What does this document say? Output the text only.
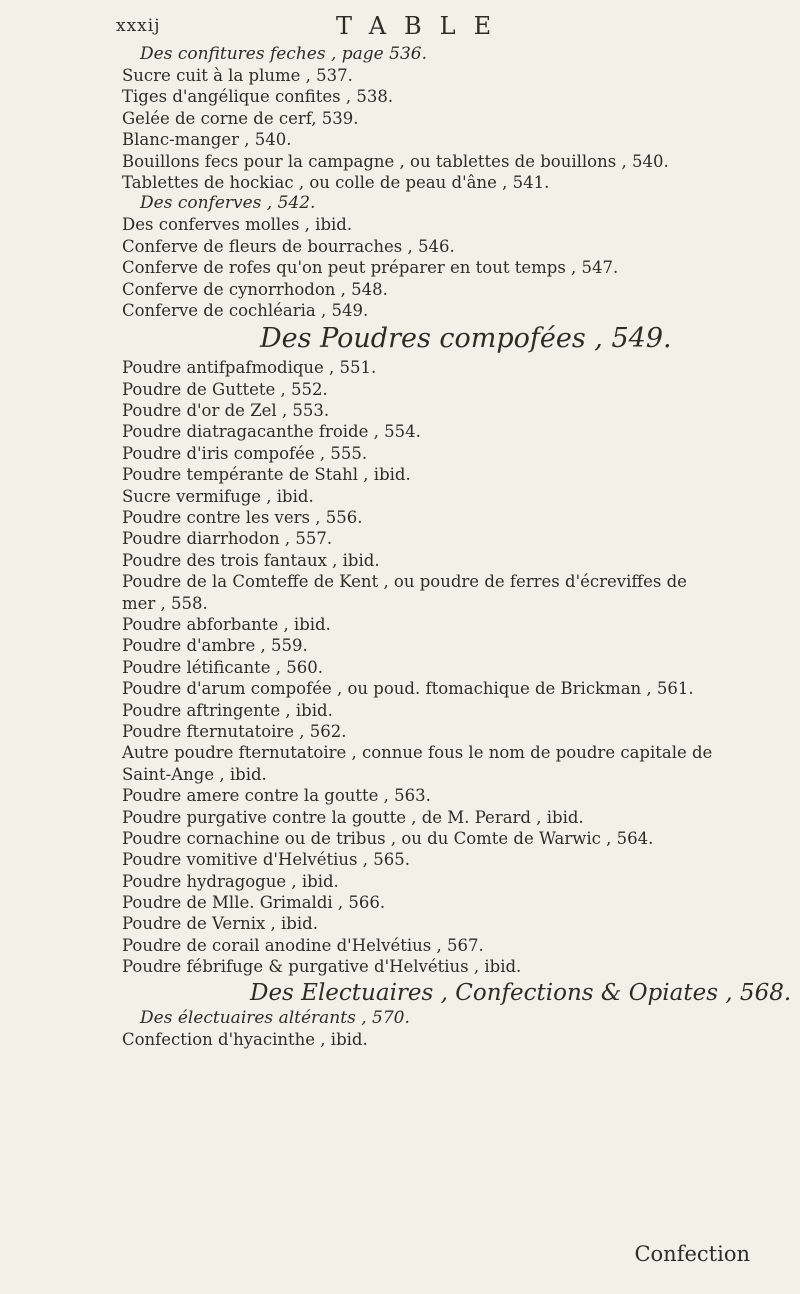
xxxij	TABLE
Des confitures feches , page 536.
Sucre cuit à la plume , 537.
Tiges d'angélique confites , 538.
Gelée de corne de cerf, 539.
Blanc-manger , 540.
Bouillons fecs pour la campagne , ou tablettes de bouillons , 540.
Tablettes de hockiac , ou colle de peau d'âne , 541.
Des conferves , 542.
Des conferves molles , ibid.
Conferve de fleurs de bourraches , 546.
Conferve de rofes qu'on peut préparer en tout temps , 547.
Conferve de cynorrhodon , 548.
Conferve de cochléaria , 549.
Des Poudres compofées , 549.
Poudre antifpafmodique , 551.
Poudre de Guttete , 552.
Poudre d'or de Zel , 553.
Poudre diatragacanthe froide , 554.
Poudre d'iris compofée , 555.
Poudre tempérante de Stahl , ibid.
Sucre vermifuge , ibid.
Poudre contre les vers , 556.
Poudre diarrhodon , 557.
Poudre des trois fantaux , ibid.
Poudre de la Comteffe de Kent , ou poudre de ferres d'écreviffes de
mer , 558.
Poudre abforbante , ibid.
Poudre d'ambre , 559.
Poudre létificante , 560.
Poudre d'arum compofée , ou poud. ftomachique de Brickman , 561.
Poudre aftringente , ibid.
Poudre fternutatoire , 562.
Autre poudre fternutatoire , connue fous le nom de poudre capitale de
Saint-Ange , ibid.
Poudre amere contre la goutte , 563.
Poudre purgative contre la goutte , de M. Perard , ibid.
Poudre cornachine ou de tribus , ou du Comte de Warwic , 564.
Poudre vomitive d'Helvétius , 565.
Poudre hydragogue , ibid.
Poudre de Mlle. Grimaldi , 566.
Poudre de Vernix , ibid.
Poudre de corail anodine d'Helvétius , 567.
Poudre fébrifuge & purgative d'Helvétius , ibid.
Des Electuaires , Confections & Opiates , 568.
Des électuaires altérants , 570.
Confection d'hyacinthe , ibid.
Confection
